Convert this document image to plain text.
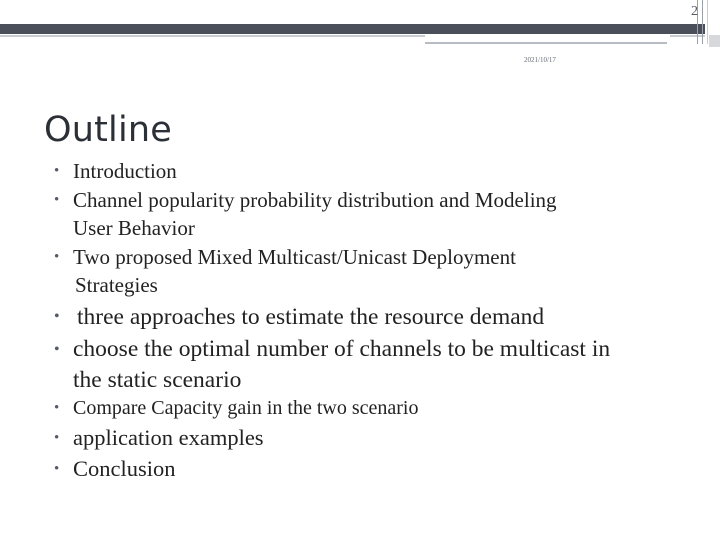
2
2021/10/17
Outline
• Introduction
• Channel popularity probability distribution and Modeling
User Behavior
• Two proposed Mixed Multicast/Unicast Deployment
Strategies
• three approaches to estimate the resource demand
• choose the optimal number of channels to be multicast in
the static scenario
• Compare Capacity gain in the two scenario
• application examples
• Conclusion
